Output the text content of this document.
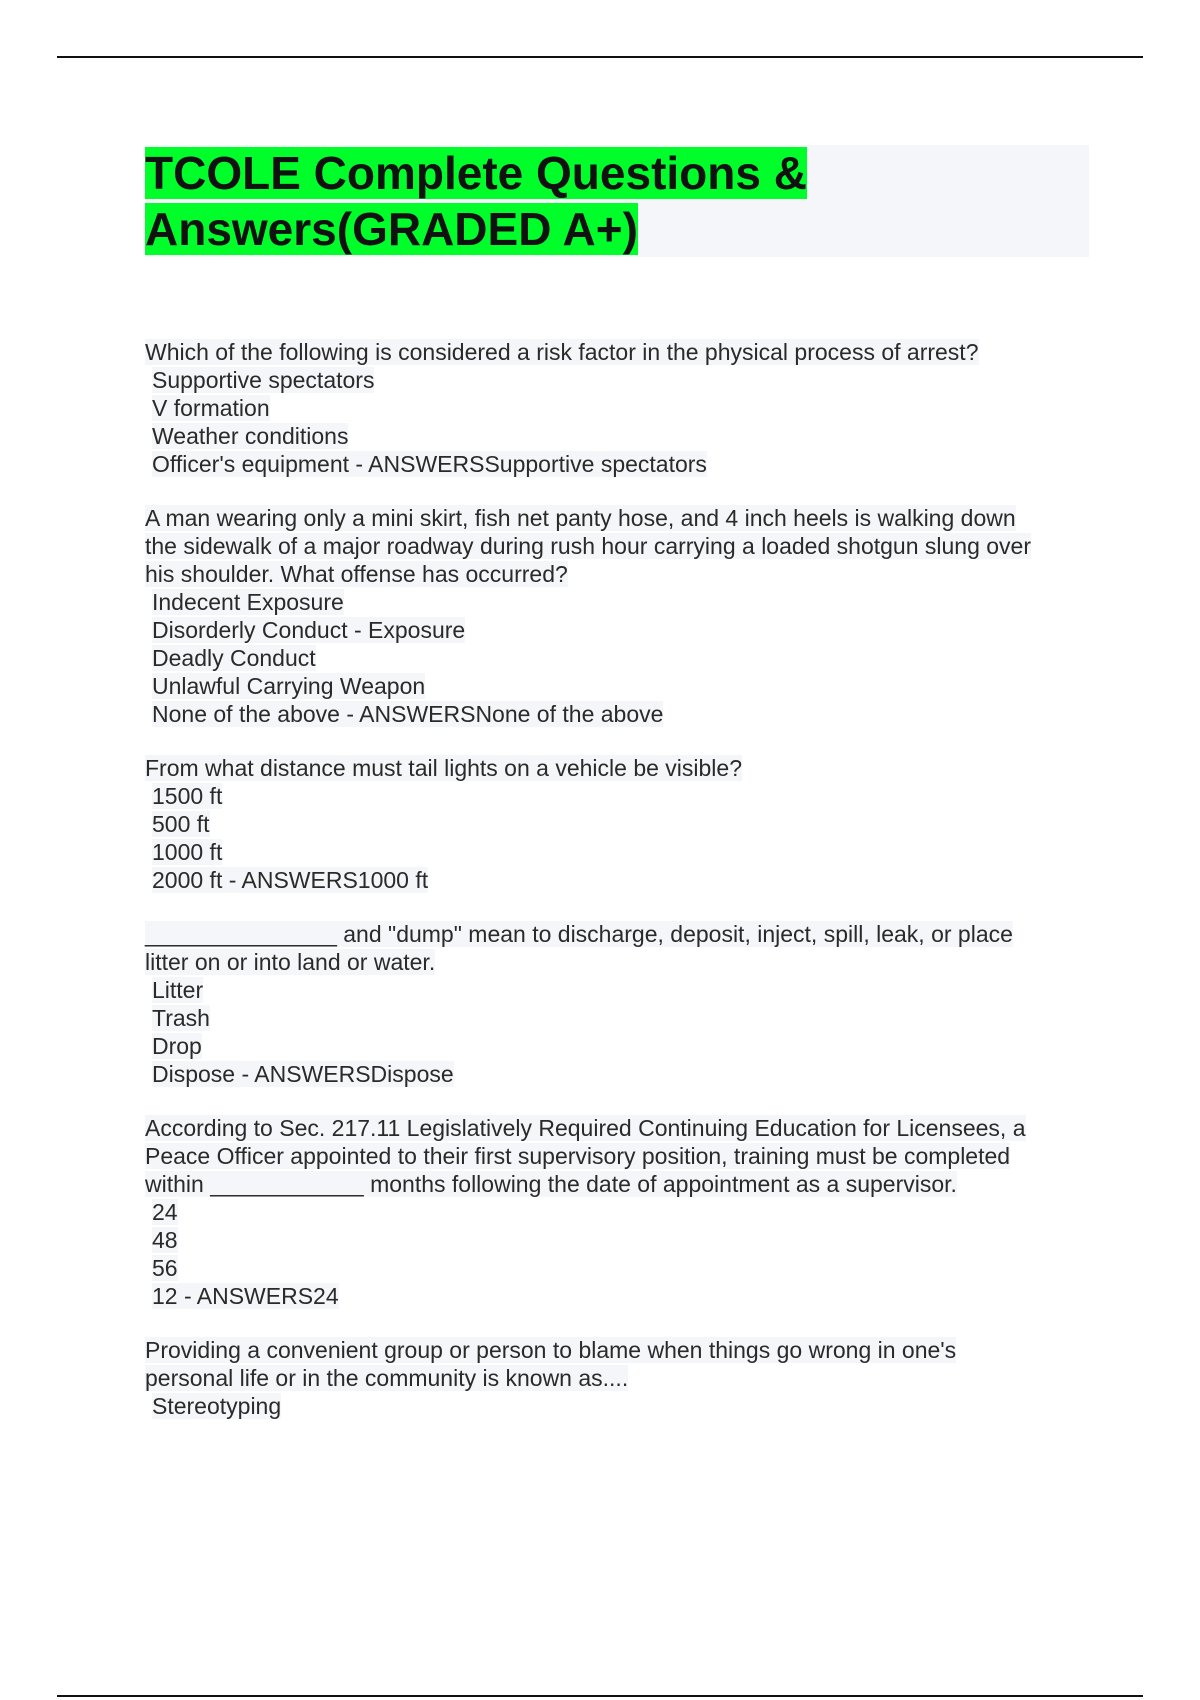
TCOLE Complete Questions &
Answers(GRADED A+)
Which of the following is considered a risk factor in the physical process of arrest?
Supportive spectators
V formation
Weather conditions
Officer's equipment - ANSWERSSupportive spectators
A man wearing only a mini skirt, fish net panty hose, and 4 inch heels is walking down
the sidewalk of a major roadway during rush hour carrying a loaded shotgun slung over
his shoulder. What offense has occurred?
Indecent Exposure
Disorderly Conduct - Exposure
Deadly Conduct
Unlawful Carrying Weapon
None of the above - ANSWERSNone of the above
From what distance must tail lights on a vehicle be visible?
1500 ft
500 ft
1000 ft
2000 ft - ANSWERS1000 ft
_______________ and "dump" mean to discharge, deposit, inject, spill, leak, or place
litter on or into land or water.
Litter
Trash
Drop
Dispose - ANSWERSDispose
According to Sec. 217.11 Legislatively Required Continuing Education for Licensees, a
Peace Officer appointed to their first supervisory position, training must be completed
within ____________ months following the date of appointment as a supervisor.
24
48
56
12 - ANSWERS24
Providing a convenient group or person to blame when things go wrong in one's
personal life or in the community is known as....
Stereotyping
